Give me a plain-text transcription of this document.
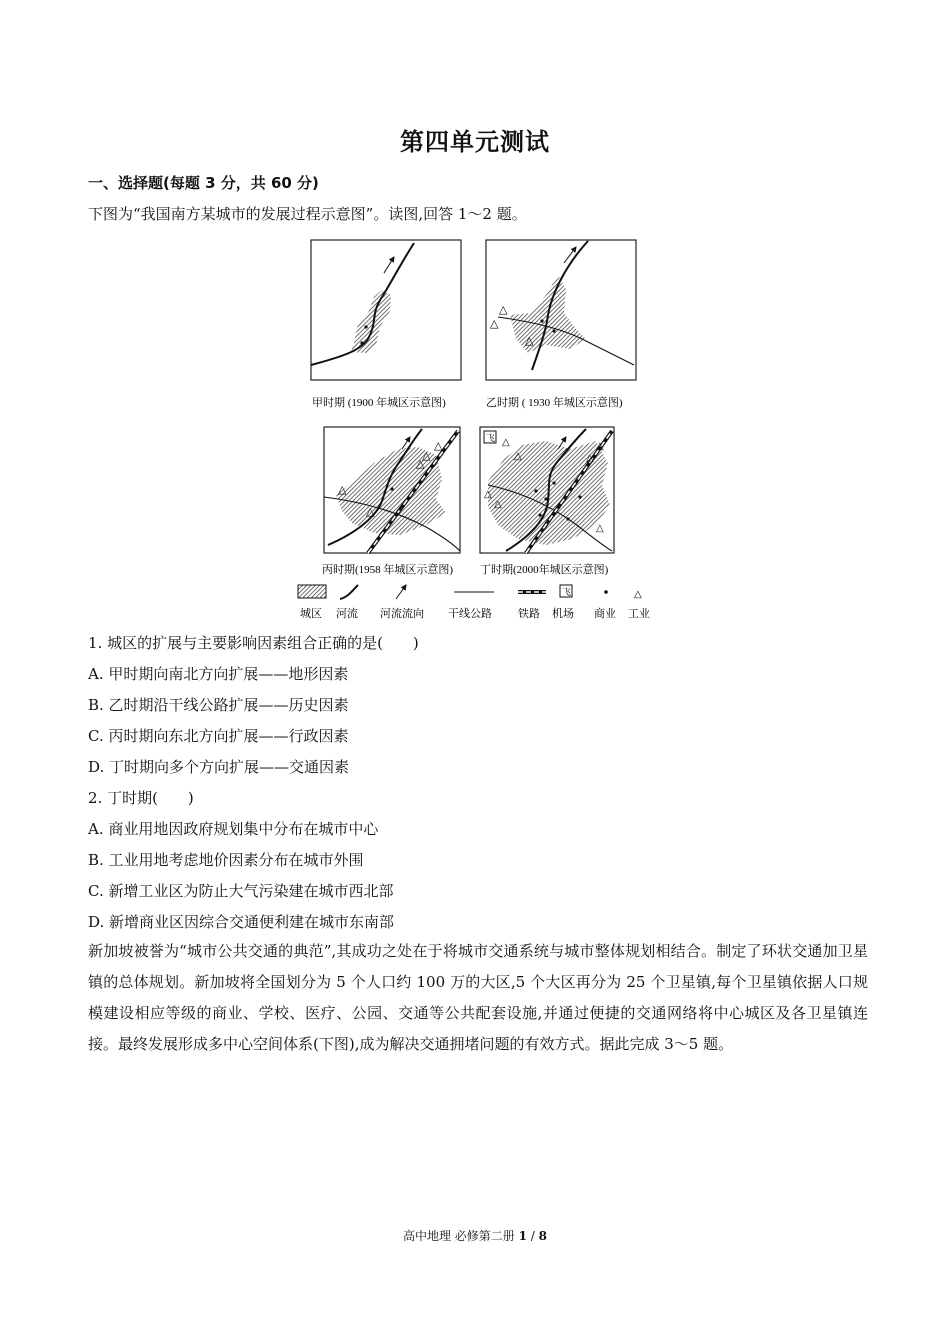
第四单元测试
一、选择题(每题 3 分，共 60 分)
下图为“我国南方某城市的发展过程示意图”。读图,回答 1～2 题。
甲时期 (1900 年城区示意图)
△
△
△
乙时期 ( 1930 年城区示意图)
△
△
△
△
△
丙时期(1958 年城区示意图)
飞 △
△	△
△
△
△
△
丁时期(2000年城区示意图)
飞	△
城区 河流 河流流向 干线公路 铁路 机场 商业 工业
1. 城区的扩展与主要影响因素组合正确的是(　　)
A. 甲时期向南北方向扩展——地形因素
B. 乙时期沿干线公路扩展——历史因素
C. 丙时期向东北方向扩展——行政因素
D. 丁时期向多个方向扩展——交通因素
2. 丁时期(　　)
A. 商业用地因政府规划集中分布在城市中心
B. 工业用地考虑地价因素分布在城市外围
C. 新增工业区为防止大气污染建在城市西北部
D. 新增商业区因综合交通便利建在城市东南部
新加坡被誉为“城市公共交通的典范”,其成功之处在于将城市交通系统与城市整体规划相结合。制定了环状交通加卫星镇的总体规划。新加坡将全国划分为 5 个人口约 100 万的大区,5 个大区再分为 25 个卫星镇,每个卫星镇依据人口规模建设相应等级的商业、学校、医疗、公园、交通等公共配套设施,并通过便捷的交通网络将中心城区及各卫星镇连接。最终发展形成多中心空间体系(下图),成为解决交通拥堵问题的有效方式。据此完成 3～5 题。
高中地理 必修第二册 1 / 8
